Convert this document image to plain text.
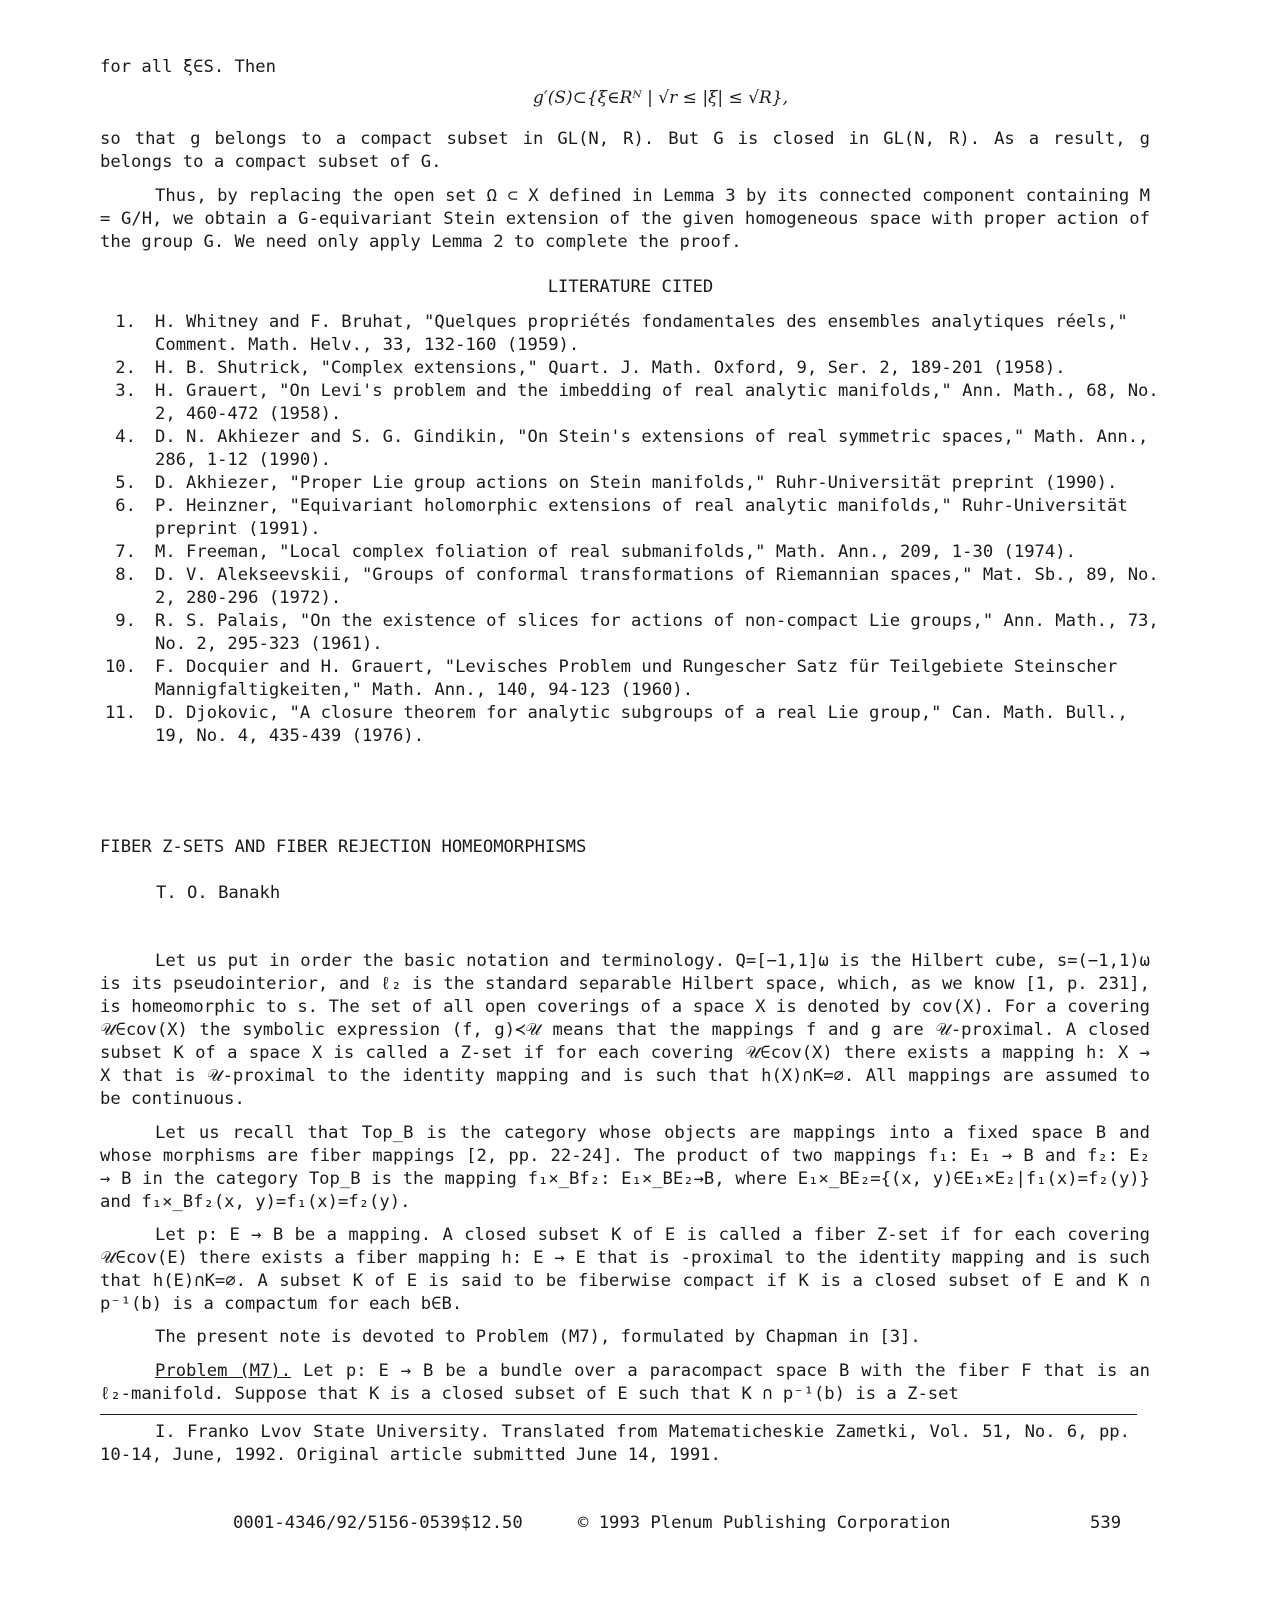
for all ξ∈S. Then

g′(S)⊂{ξ∈Rᴺ | √r ≤ |ξ| ≤ √R},

so that g belongs to a compact subset in GL(N, R). But G is closed in GL(N, R). As a result, g belongs to a compact subset of G.

Thus, by replacing the open set Ω ⊂ X defined in Lemma 3 by its connected component containing M = G/H, we obtain a G-equivariant Stein extension of the given homogeneous space with proper action of the group G. We need only apply Lemma 2 to complete the proof.

LITERATURE CITED
1. H. Whitney and F. Bruhat, "Quelques propriétés fondamentales des ensembles analytiques réels," Comment. Math. Helv., 33, 132-160 (1959).
2. H. B. Shutrick, "Complex extensions," Quart. J. Math. Oxford, 9, Ser. 2, 189-201 (1958).
3. H. Grauert, "On Levi's problem and the imbedding of real analytic manifolds," Ann. Math., 68, No. 2, 460-472 (1958).
4. D. N. Akhiezer and S. G. Gindikin, "On Stein's extensions of real symmetric spaces," Math. Ann., 286, 1-12 (1990).
5. D. Akhiezer, "Proper Lie group actions on Stein manifolds," Ruhr-Universität preprint (1990).
6. P. Heinzner, "Equivariant holomorphic extensions of real analytic manifolds," Ruhr-Universität preprint (1991).
7. M. Freeman, "Local complex foliation of real submanifolds," Math. Ann., 209, 1-30 (1974).
8. D. V. Alekseevskii, "Groups of conformal transformations of Riemannian spaces," Mat. Sb., 89, No. 2, 280-296 (1972).
9. R. S. Palais, "On the existence of slices for actions of non-compact Lie groups," Ann. Math., 73, No. 2, 295-323 (1961).
10. F. Docquier and H. Grauert, "Levisches Problem und Rungescher Satz für Teilgebiete Steinscher Mannigfaltigkeiten," Math. Ann., 140, 94-123 (1960).
11. D. Djokovic, "A closure theorem for analytic subgroups of a real Lie group," Can. Math. Bull., 19, No. 4, 435-439 (1976).
FIBER Z-SETS AND FIBER REJECTION HOMEOMORPHISMS
T. O. Banakh

Let us put in order the basic notation and terminology. Q=[−1,1]ω is the Hilbert cube, s=(−1,1)ω is its pseudointerior, and ℓ₂ is the standard separable Hilbert space, which, as we know [1, p. 231], is homeomorphic to s. The set of all open coverings of a space X is denoted by cov(X). For a covering 𝒰∈cov(X) the symbolic expression (f, g)≺𝒰 means that the mappings f and g are 𝒰-proximal. A closed subset K of a space X is called a Z-set if for each covering 𝒰∈cov(X) there exists a mapping h: X → X that is 𝒰-proximal to the identity mapping and is such that h(X)∩K=∅. All mappings are assumed to be continuous.

Let us recall that Top_B is the category whose objects are mappings into a fixed space B and whose morphisms are fiber mappings [2, pp. 22-24]. The product of two mappings f₁: E₁ → B and f₂: E₂ → B in the category Top_B is the mapping f₁×_Bf₂: E₁×_BE₂→B, where E₁×_BE₂={(x, y)∈E₁×E₂|f₁(x)=f₂(y)} and f₁×_Bf₂(x, y)=f₁(x)=f₂(y).

Let p: E → B be a mapping. A closed subset K of E is called a fiber Z-set if for each covering 𝒰∈cov(E) there exists a fiber mapping h: E → E that is -proximal to the identity mapping and is such that h(E)∩K=∅. A subset K of E is said to be fiberwise compact if K is a closed subset of E and K ∩ p⁻¹(b) is a compactum for each b∈B.

The present note is devoted to Problem (M7), formulated by Chapman in [3].

Problem (M7). Let p: E → B be a bundle over a paracompact space B with the fiber F that is an ℓ₂-manifold. Suppose that K is a closed subset of E such that K ∩ p⁻¹(b) is a Z-set

I. Franko Lvov State University. Translated from Matematicheskie Zametki, Vol. 51, No. 6, pp. 10-14, June, 1992. Original article submitted June 14, 1991.
0001-4346/92/5156-0539$12.50	© 1993 Plenum Publishing Corporation	539
